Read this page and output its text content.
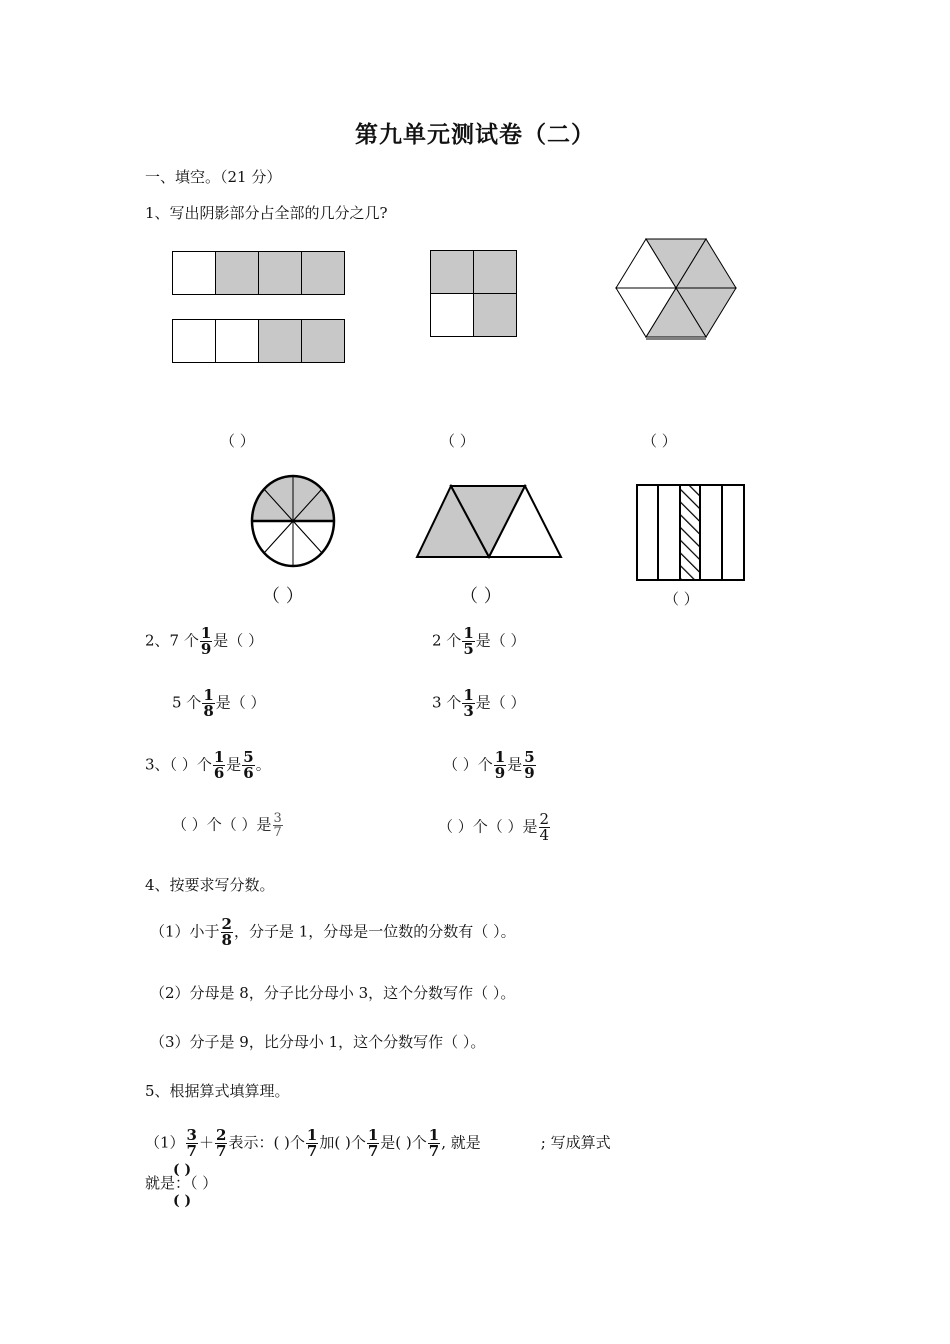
第九单元测试卷（二）
一、填空。（21 分）
1、写出阴影部分占全部的几分之几?
（ ）	（ ）	（ ）
（ ）	（ ）	（ ）
2、7 个 $\frac{1}{9}$ 是（ ）	2 个 $\frac{1}{5}$ 是（ ）
5 个 $\frac{1}{8}$ 是（ ）	3 个 $\frac{1}{3}$ 是（ ）
3、（ ）个 $\frac{1}{6}$ 是 $\frac{5}{6}$ 。	（ ）个 $\frac{1}{9}$ 是 $\frac{5}{9}$
（ ）个（ ）是 $\frac{3}{7}$	（ ）个（ ）是 $\frac{2}{4}$
4、按要求写分数。
（1）小于 $\frac{2}{8}$ ，分子是 1，分母是一位数的分数有（ ）。
（2）分母是 8，分子比分母小 3，这个分数写作（ ）。
（3）分子是 9，比分母小 1，这个分数写作（ ）。
5、根据算式填算理。
$(1) \frac{3}{7} + \frac{2}{7}$ 表示：( )个 $\frac{1}{7}$ 加( )个 $\frac{1}{7}$ 是( )个 $\frac{1}{7}$ , 就是	; 写成算式
就是：（ ）
( )
( )
